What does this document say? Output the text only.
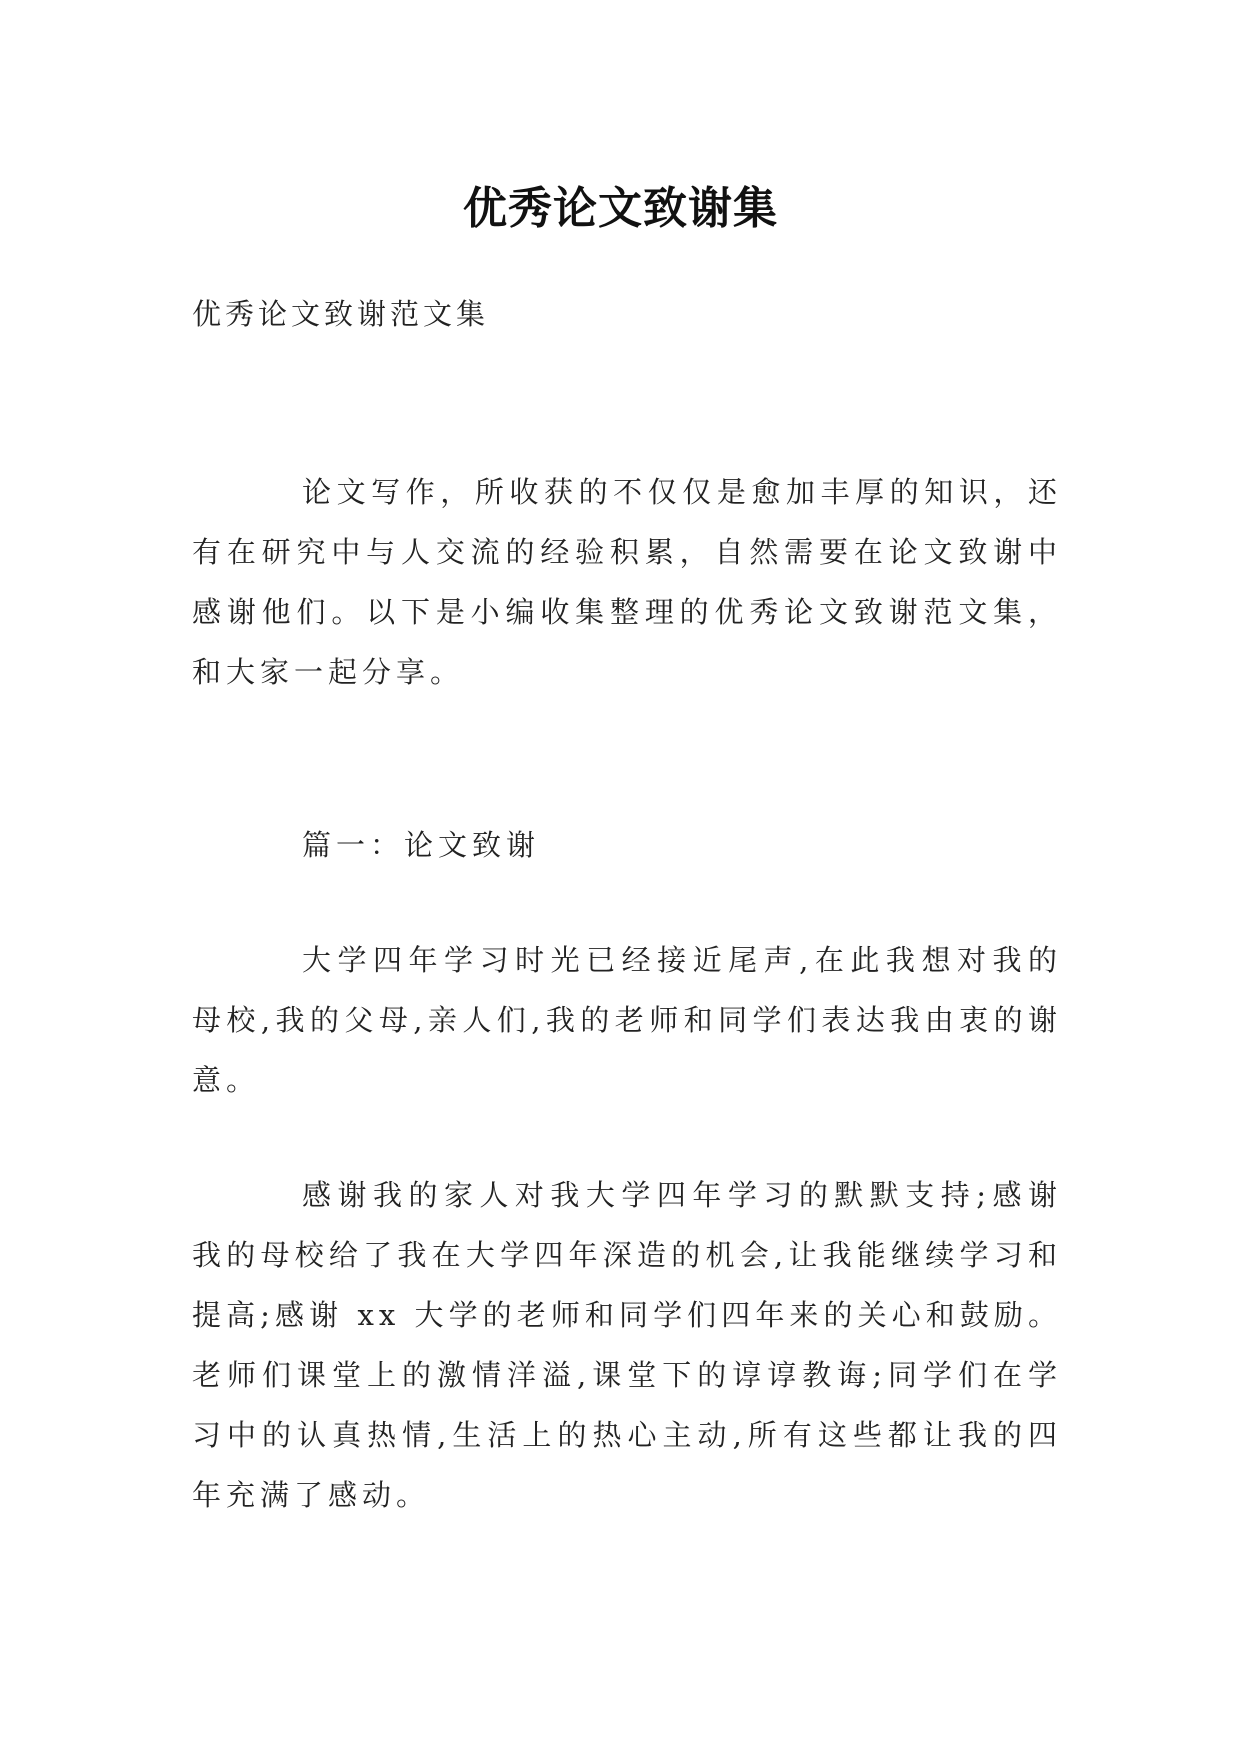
优秀论文致谢集
优秀论文致谢范文集

论文写作，所收获的不仅仅是愈加丰厚的知识，还有在研究中与人交流的经验积累，自然需要在论文致谢中感谢他们。以下是小编收集整理的优秀论文致谢范文集，和大家一起分享。

篇一：论文致谢

大学四年学习时光已经接近尾声,在此我想对我的母校,我的父母,亲人们,我的老师和同学们表达我由衷的谢意。

感谢我的家人对我大学四年学习的默默支持;感谢我的母校给了我在大学四年深造的机会,让我能继续学习和提高;感谢 xx 大学的老师和同学们四年来的关心和鼓励。老师们课堂上的激情洋溢,课堂下的谆谆教诲;同学们在学习中的认真热情,生活上的热心主动,所有这些都让我的四年充满了感动。
